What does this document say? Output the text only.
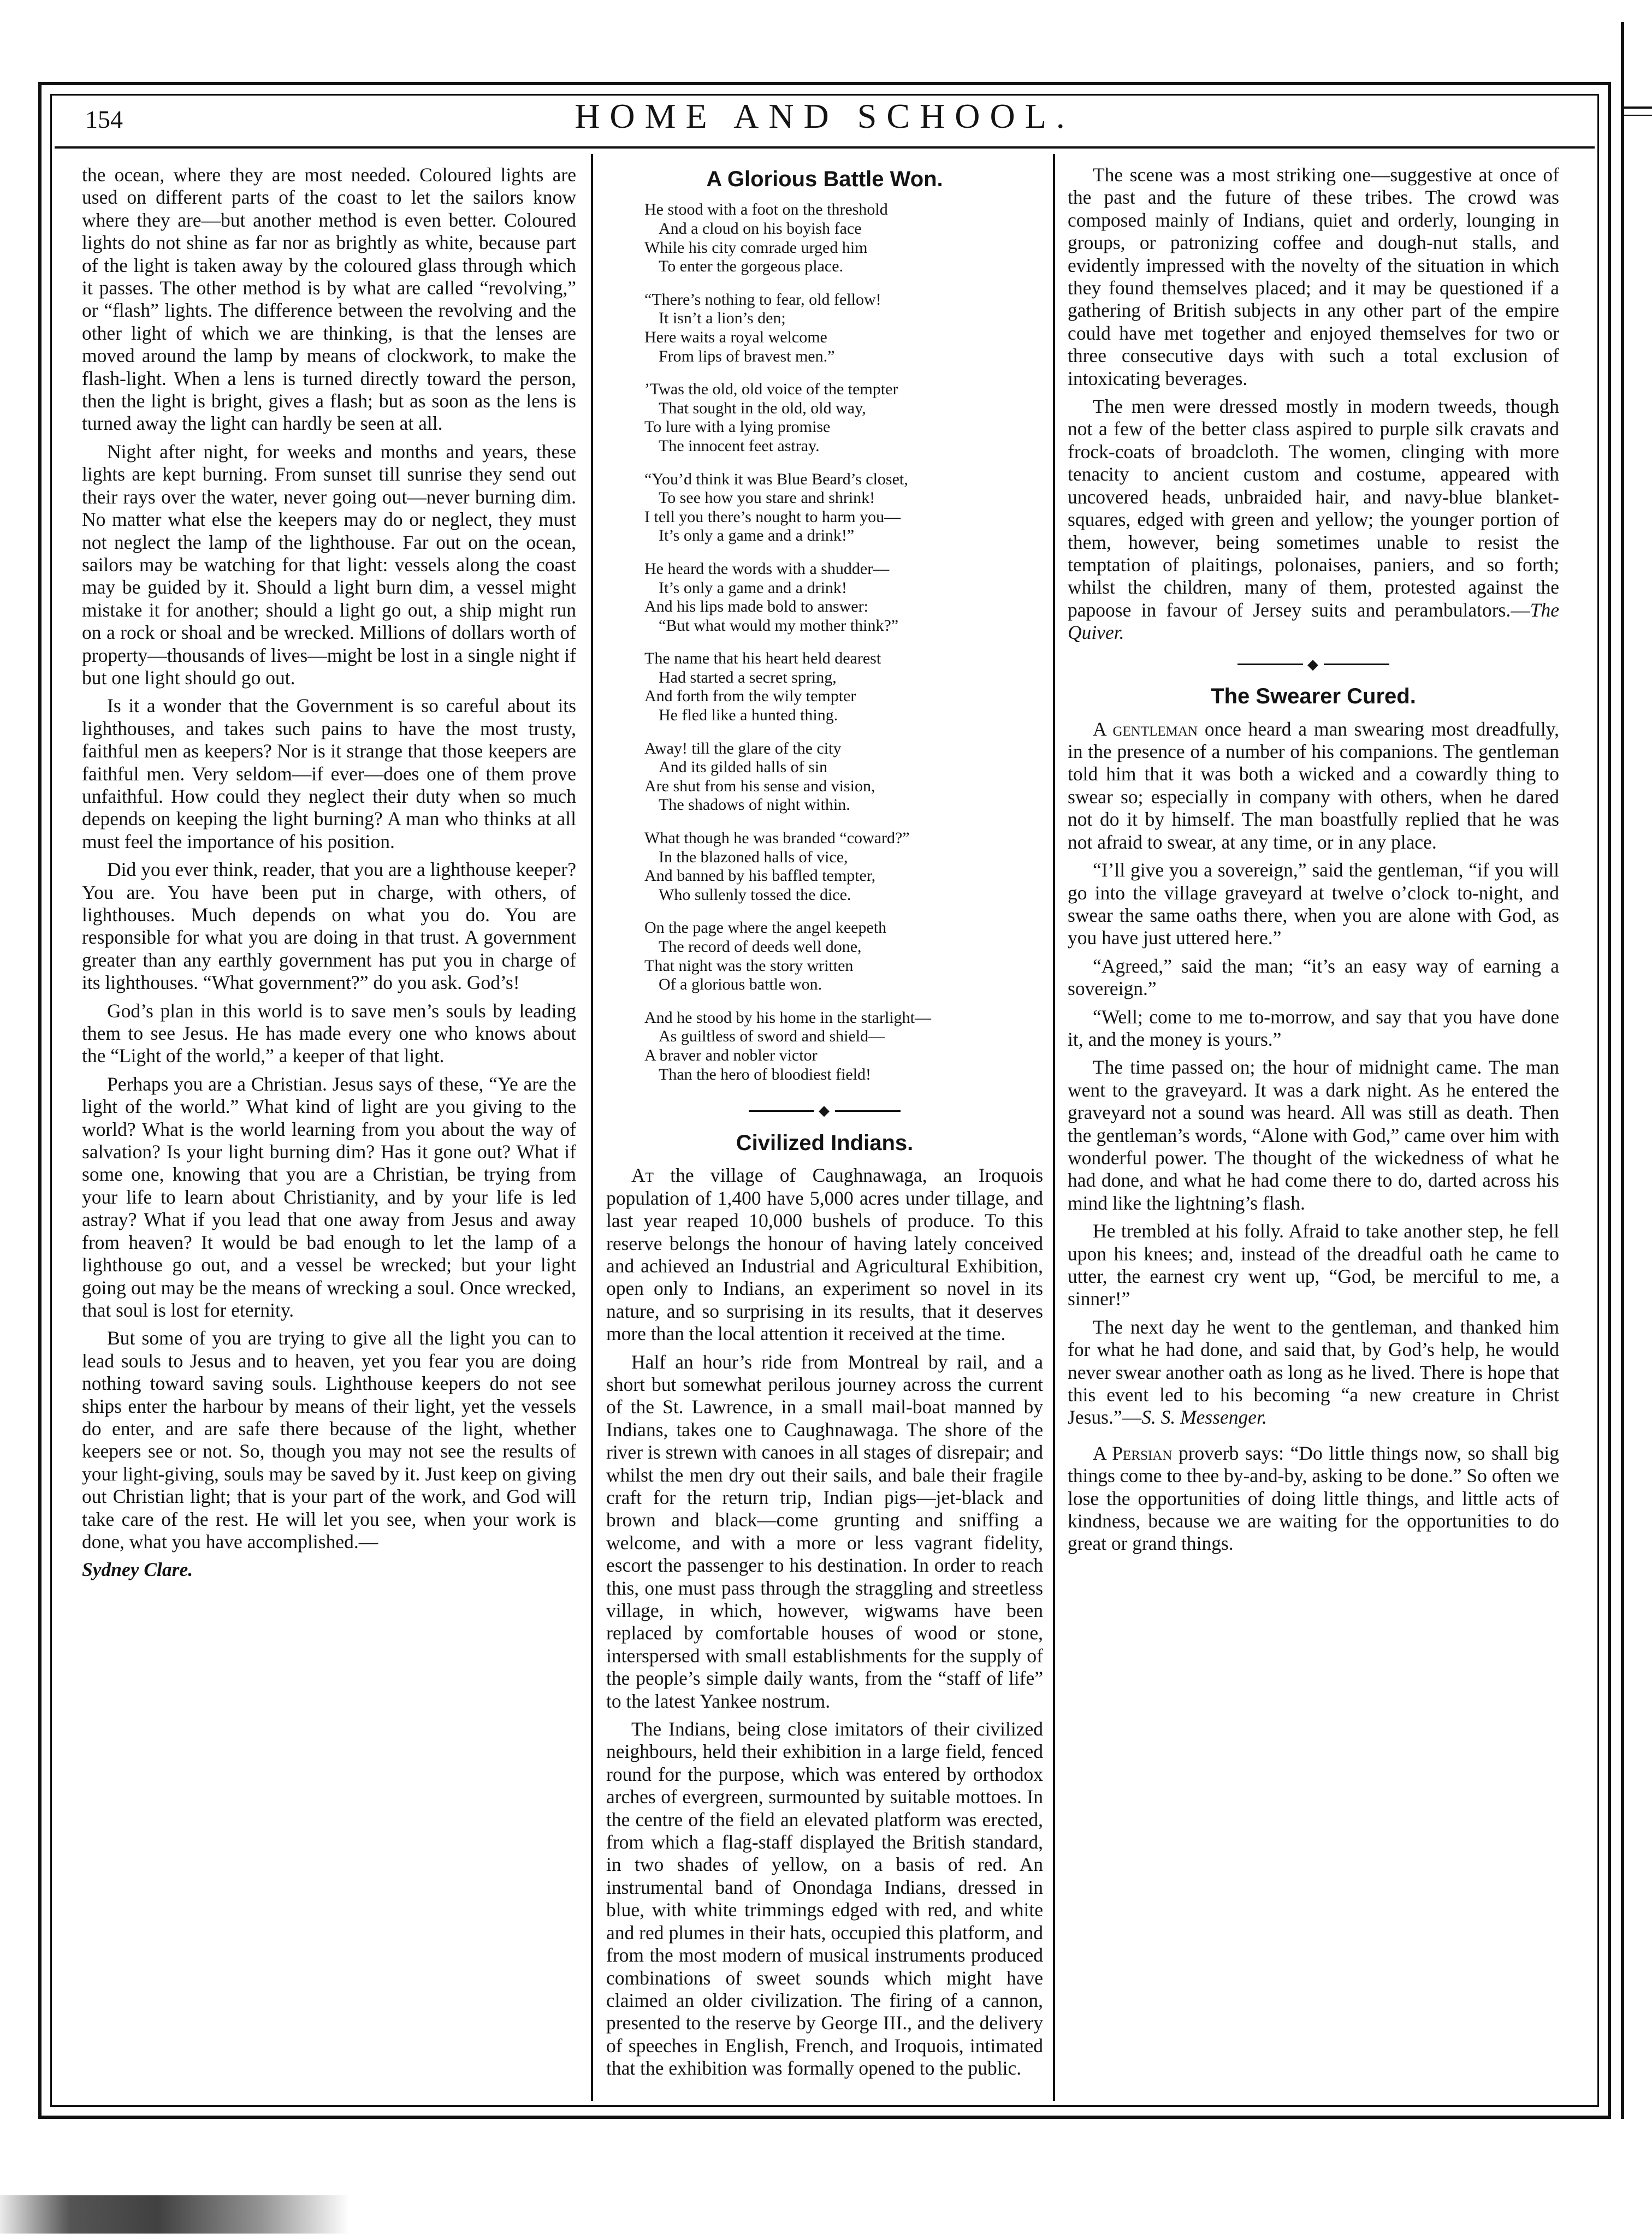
154	HOME AND SCHOOL.

the ocean, where they are most needed. Coloured lights are used on different parts of the coast to let the sailors know where they are—but another method is even better. Coloured lights do not shine as far nor as brightly as white, because part of the light is taken away by the coloured glass through which it passes. The other method is by what are called “revolving,” or “flash” lights. The difference between the revolving and the other light of which we are thinking, is that the lenses are moved around the lamp by means of clockwork, to make the flash-light. When a lens is turned directly toward the person, then the light is bright, gives a flash; but as soon as the lens is turned away the light can hardly be seen at all.

Night after night, for weeks and months and years, these lights are kept burning. From sunset till sunrise they send out their rays over the water, never going out—never burning dim. No matter what else the keepers may do or neglect, they must not neglect the lamp of the lighthouse. Far out on the ocean, sailors may be watching for that light: vessels along the coast may be guided by it. Should a light burn dim, a vessel might mistake it for another; should a light go out, a ship might run on a rock or shoal and be wrecked. Millions of dollars worth of property—thousands of lives—might be lost in a single night if but one light should go out.

Is it a wonder that the Government is so careful about its lighthouses, and takes such pains to have the most trusty, faithful men as keepers? Nor is it strange that those keepers are faithful men. Very seldom—if ever—does one of them prove unfaithful. How could they neglect their duty when so much depends on keeping the light burning? A man who thinks at all must feel the importance of his position.

Did you ever think, reader, that you are a lighthouse keeper? You are. You have been put in charge, with others, of lighthouses. Much depends on what you do. You are responsible for what you are doing in that trust. A government greater than any earthly government has put you in charge of its lighthouses. “What government?” do you ask. God’s!

God’s plan in this world is to save men’s souls by leading them to see Jesus. He has made every one who knows about the “Light of the world,” a keeper of that light.

Perhaps you are a Christian. Jesus says of these, “Ye are the light of the world.” What kind of light are you giving to the world? What is the world learning from you about the way of salvation? Is your light burning dim? Has it gone out? What if some one, knowing that you are a Christian, be trying from your life to learn about Christianity, and by your life is led astray? What if you lead that one away from Jesus and away from heaven? It would be bad enough to let the lamp of a lighthouse go out, and a vessel be wrecked; but your light going out may be the means of wrecking a soul. Once wrecked, that soul is lost for eternity.

But some of you are trying to give all the light you can to lead souls to Jesus and to heaven, yet you fear you are doing nothing toward saving souls. Lighthouse keepers do not see ships enter the harbour by means of their light, yet the vessels do enter, and are safe there because of the light, whether keepers see or not. So, though you may not see the results of your light-giving, souls may be saved by it. Just keep on giving out Christian light; that is your part of the work, and God will take care of the rest. He will let you see, when your work is done, what you have accomplished.—

Sydney Clare.

A Glorious Battle Won.
He stood with a foot on the threshold
And a cloud on his boyish face
While his city comrade urged him
To enter the gorgeous place.
“There’s nothing to fear, old fellow!
It isn’t a lion’s den;
Here waits a royal welcome
From lips of bravest men.”
’Twas the old, old voice of the tempter
That sought in the old, old way,
To lure with a lying promise
The innocent feet astray.
“You’d think it was Blue Beard’s closet,
To see how you stare and shrink!
I tell you there’s nought to harm you—
It’s only a game and a drink!”
He heard the words with a shudder—
It’s only a game and a drink!
And his lips made bold to answer:
“But what would my mother think?”
The name that his heart held dearest
Had started a secret spring,
And forth from the wily tempter
He fled like a hunted thing.
Away! till the glare of the city
And its gilded halls of sin
Are shut from his sense and vision,
The shadows of night within.
What though he was branded “coward?”
In the blazoned halls of vice,
And banned by his baffled tempter,
Who sullenly tossed the dice.
On the page where the angel keepeth
The record of deeds well done,
That night was the story written
Of a glorious battle won.
And he stood by his home in the starlight—
As guiltless of sword and shield—
A braver and nobler victor
Than the hero of bloodiest field!
◆
Civilized Indians.

At the village of Caughnawaga, an Iroquois population of 1,400 have 5,000 acres under tillage, and last year reaped 10,000 bushels of produce. To this reserve belongs the honour of having lately conceived and achieved an Industrial and Agricultural Exhibition, open only to Indians, an experiment so novel in its nature, and so surprising in its results, that it deserves more than the local attention it received at the time.

Half an hour’s ride from Montreal by rail, and a short but somewhat perilous journey across the current of the St. Lawrence, in a small mail-boat manned by Indians, takes one to Caughnawaga. The shore of the river is strewn with canoes in all stages of disrepair; and whilst the men dry out their sails, and bale their fragile craft for the return trip, Indian pigs—jet-black and brown and black—come grunting and sniffing a welcome, and with a more or less vagrant fidelity, escort the passenger to his destination. In order to reach this, one must pass through the straggling and streetless village, in which, however, wigwams have been replaced by comfortable houses of wood or stone, interspersed with small establishments for the supply of the people’s simple daily wants, from the “staff of life” to the latest Yankee nostrum.

The Indians, being close imitators of their civilized neighbours, held their exhibition in a large field, fenced round for the purpose, which was entered by orthodox arches of evergreen, surmounted by suitable mottoes. In the centre of the field an elevated platform was erected, from which a flag-staff displayed the British standard, in two shades of yellow, on a basis of red. An instrumental band of Onondaga Indians, dressed in blue, with white trimmings edged with red, and white and red plumes in their hats, occupied this platform, and from the most modern of musical instruments produced combinations of sweet sounds which might have claimed an older civilization. The firing of a cannon, presented to the reserve by George III., and the delivery of speeches in English, French, and Iroquois, intimated that the exhibition was formally opened to the public.

The scene was a most striking one—suggestive at once of the past and the future of these tribes. The crowd was composed mainly of Indians, quiet and orderly, lounging in groups, or patronizing coffee and dough-nut stalls, and evidently impressed with the novelty of the situation in which they found themselves placed; and it may be questioned if a gathering of British subjects in any other part of the empire could have met together and enjoyed themselves for two or three consecutive days with such a total exclusion of intoxicating beverages.

The men were dressed mostly in modern tweeds, though not a few of the better class aspired to purple silk cravats and frock-coats of broadcloth. The women, clinging with more tenacity to ancient custom and costume, appeared with uncovered heads, unbraided hair, and navy-blue blanket-squares, edged with green and yellow; the younger portion of them, however, being sometimes unable to resist the temptation of plaitings, polonaises, paniers, and so forth; whilst the children, many of them, protested against the papoose in favour of Jersey suits and perambulators.—The Quiver.

◆
The Swearer Cured.

A gentleman once heard a man swearing most dreadfully, in the presence of a number of his companions. The gentleman told him that it was both a wicked and a cowardly thing to swear so; especially in company with others, when he dared not do it by himself. The man boastfully replied that he was not afraid to swear, at any time, or in any place.

“I’ll give you a sovereign,” said the gentleman, “if you will go into the village graveyard at twelve o’clock to-night, and swear the same oaths there, when you are alone with God, as you have just uttered here.”

“Agreed,” said the man; “it’s an easy way of earning a sovereign.”

“Well; come to me to-morrow, and say that you have done it, and the money is yours.”

The time passed on; the hour of midnight came. The man went to the graveyard. It was a dark night. As he entered the graveyard not a sound was heard. All was still as death. Then the gentleman’s words, “Alone with God,” came over him with wonderful power. The thought of the wickedness of what he had done, and what he had come there to do, darted across his mind like the lightning’s flash.

He trembled at his folly. Afraid to take another step, he fell upon his knees; and, instead of the dreadful oath he came to utter, the earnest cry went up, “God, be merciful to me, a sinner!”

The next day he went to the gentleman, and thanked him for what he had done, and said that, by God’s help, he would never swear another oath as long as he lived. There is hope that this event led to his becoming “a new creature in Christ Jesus.”—S. S. Messenger.

A Persian proverb says: “Do little things now, so shall big things come to thee by-and-by, asking to be done.” So often we lose the opportunities of doing little things, and little acts of kindness, because we are waiting for the opportunities to do great or grand things.
